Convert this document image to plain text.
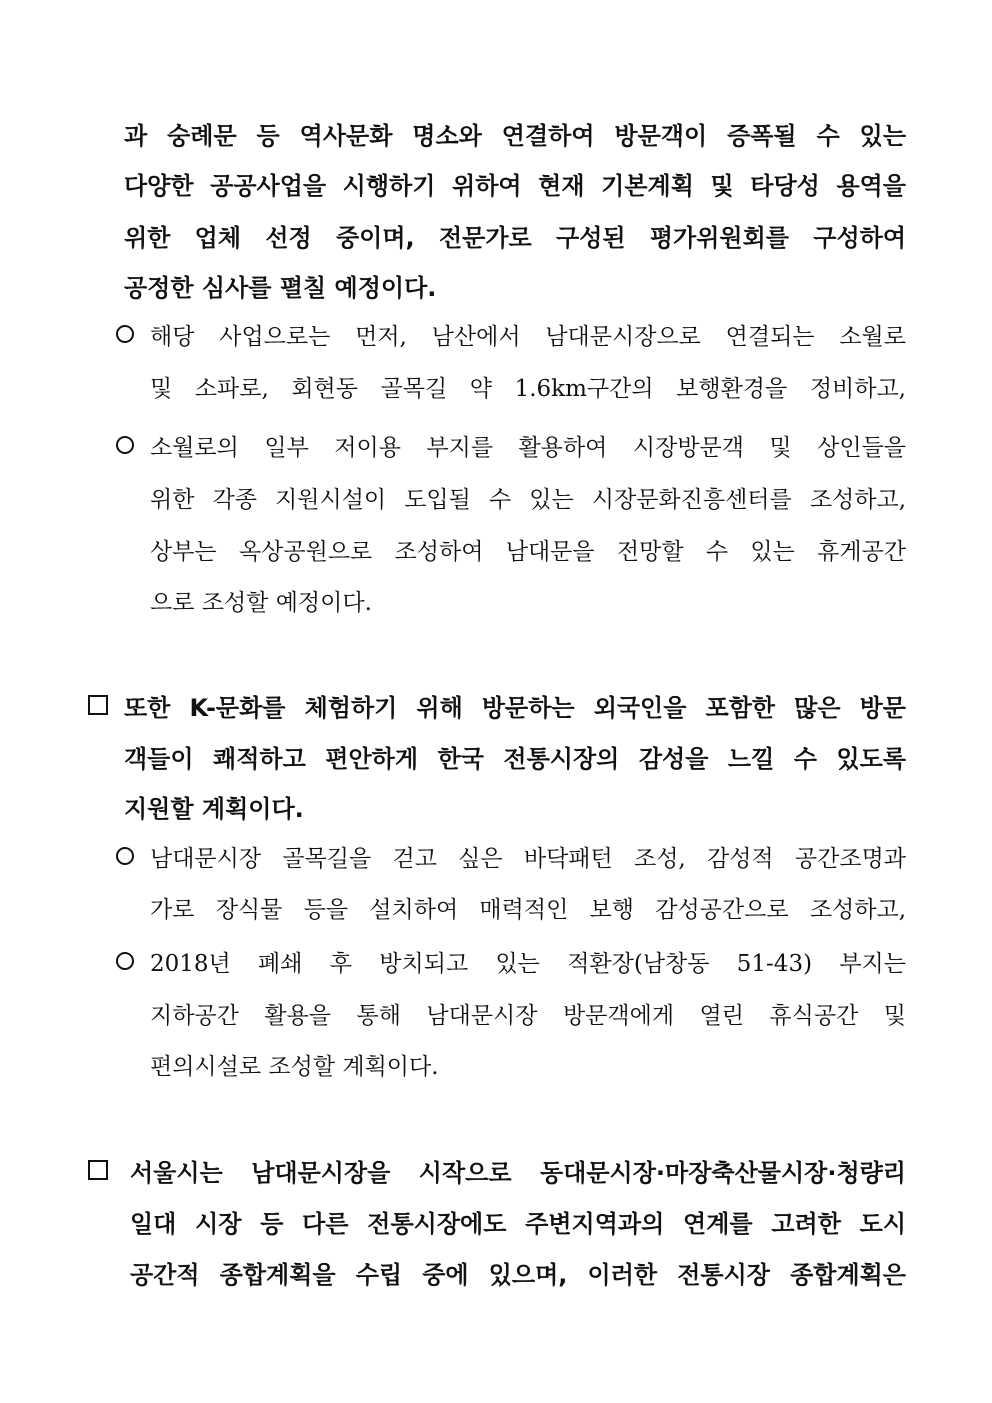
과 숭례문 등 역사문화 명소와 연결하여 방문객이 증폭될 수 있는
다양한 공공사업을 시행하기 위하여 현재 기본계획 및 타당성 용역을
위한 업체 선정 중이며, 전문가로 구성된 평가위원회를 구성하여
공정한 심사를 펼칠 예정이다.
해당 사업으로는 먼저, 남산에서 남대문시장으로 연결되는 소월로
및 소파로, 회현동 골목길 약 1.6km구간의 보행환경을 정비하고,
소월로의 일부 저이용 부지를 활용하여 시장방문객 및 상인들을
위한 각종 지원시설이 도입될 수 있는 시장문화진흥센터를 조성하고,
상부는 옥상공원으로 조성하여 남대문을 전망할 수 있는 휴게공간
으로 조성할 예정이다.
또한 K-문화를 체험하기 위해 방문하는 외국인을 포함한 많은 방문
객들이 쾌적하고 편안하게 한국 전통시장의 감성을 느낄 수 있도록
지원할 계획이다.
남대문시장 골목길을 걷고 싶은 바닥패턴 조성, 감성적 공간조명과
가로 장식물 등을 설치하여 매력적인 보행 감성공간으로 조성하고,
2018년 폐쇄 후 방치되고 있는 적환장(남창동 51-43) 부지는
지하공간 활용을 통해 남대문시장 방문객에게 열린 휴식공간 및
편의시설로 조성할 계획이다.
서울시는 남대문시장을 시작으로 동대문시장·마장축산물시장·청량리
일대 시장 등 다른 전통시장에도 주변지역과의 연계를 고려한 도시
공간적 종합계획을 수립 중에 있으며, 이러한 전통시장 종합계획은
